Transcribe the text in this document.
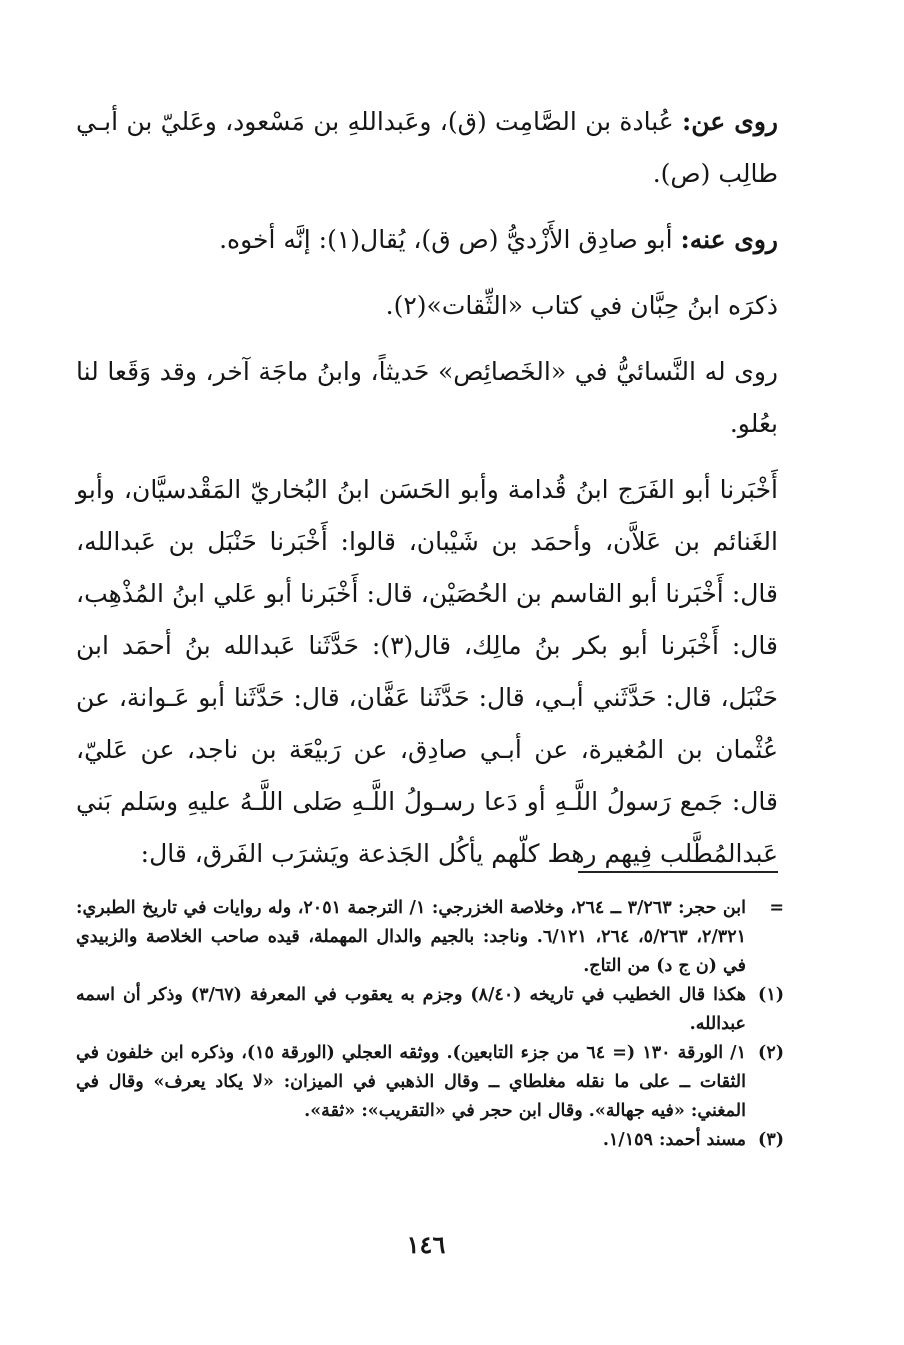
روى عن: عُبادة بن الصَّامِت (ق)، وعَبداللهِ بن مَسْعود، وعَليّ بن أبـي طالِب (ص).

روى عنه: أبو صادِق الأَزْديُّ (ص ق)، يُقال(١): إنَّه أخوه.

ذكرَه ابنُ حِبَّان في كتاب «الثِّقات»(٢).

روى له النَّسائيُّ في «الخَصائِص» حَديثاً، وابنُ ماجَة آخر، وقد وَقَعا لنا بعُلو.

أَخْبَرنا أبو الفَرَج ابنُ قُدامة وأبو الحَسَن ابنُ البُخاريّ المَقْدسيَّان، وأبو الغَنائم بن عَلاَّن، وأحمَد بن شَيْبان، قالوا: أَخْبَرنا حَنْبَل بن عَبدالله، قال: أَخْبَرنا أبو القاسم بن الحُصَيْن، قال: أَخْبَرنا أبو عَلي ابنُ المُذْهِب، قال: أَخْبَرنا أبو بكر بنُ مالِك، قال(٣): حَدَّثَنا عَبدالله بنُ أحمَد ابن حَنْبَل، قال: حَدَّثَني أبـي، قال: حَدَّثَنا عَفَّان، قال: حَدَّثَنا أبو عَـوانة، عن عُثْمان بن المُغيرة، عن أبـي صادِق، عن رَبيْعَة بن ناجد، عن عَليّ، قال: جَمع رَسولُ اللَّـهِ أو دَعا رسـولُ اللَّـهِ صَلى اللَّـهُ عليهِ وسَلم بَني عَبدالمُطَّلب فِيهم رهط كلّهم يأكُل الجَذعة ويَشرَب الفَرق، قال:

=
ابن حجر: ٣/٢٦٣ ــ ٢٦٤، وخلاصة الخزرجي: ١/ الترجمة ٢٠٥١، وله روايات في تاريخ الطبري: ٢/٣٢١، ٥/٢٦٣، ٢٦٤، ٦/١٢١. وناجد: بالجيم والدال المهملة، قيده صاحب الخلاصة والزبيدي في (ن ج د) من التاج.
(١)
هكذا قال الخطيب في تاريخه (٨/٤٠) وجزم به يعقوب في المعرفة (٣/٦٧) وذكر أن اسمه عبدالله.
(٢)
١/ الورقة ١٣٠ (= ٦٤ من جزء التابعين). ووثقه العجلي (الورقة ١٥)، وذكره ابن خلفون في الثقات ــ على ما نقله مغلطاي ــ وقال الذهبي في الميزان: «لا يكاد يعرف» وقال في المغني: «فيه جهالة». وقال ابن حجر في «التقريب»: «ثقة».
(٣)
مسند أحمد: ١/١٥٩.
١٤٦
